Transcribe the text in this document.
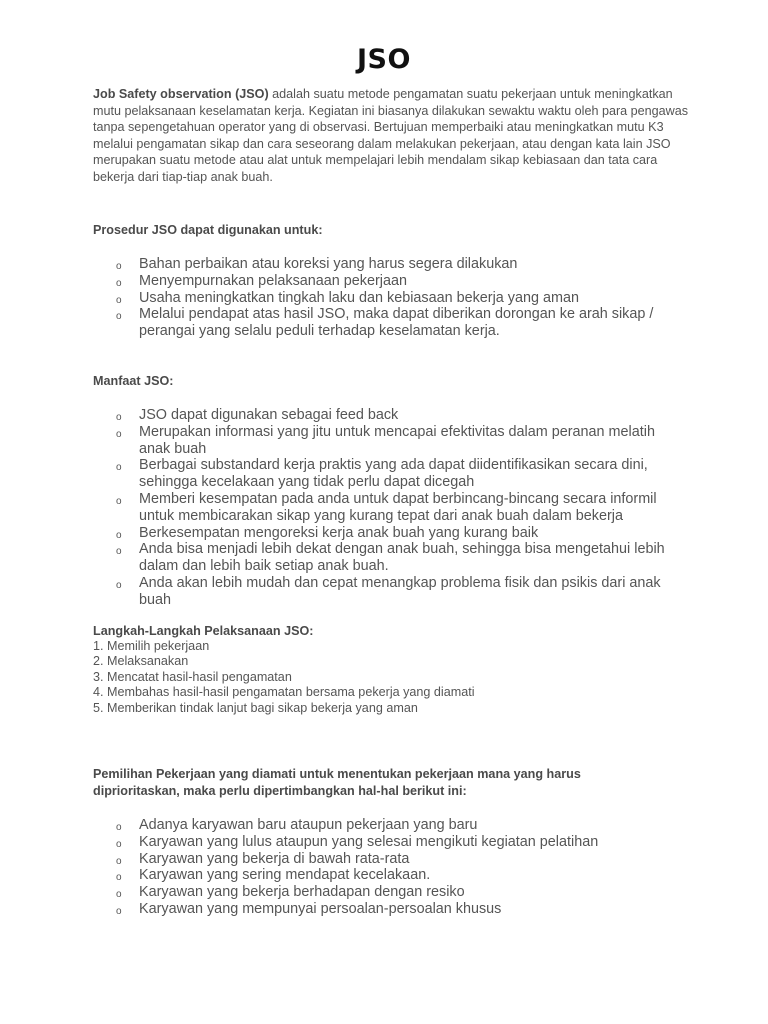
JSO
Job Safety observation (JSO) adalah suatu metode pengamatan suatu pekerjaan untuk meningkatkan mutu pelaksanaan keselamatan kerja. Kegiatan ini biasanya dilakukan sewaktu waktu oleh para pengawas tanpa sepengetahuan operator yang di observasi. Bertujuan memperbaiki atau meningkatkan mutu K3 melalui pengamatan sikap dan cara seseorang dalam melakukan pekerjaan, atau dengan kata lain JSO merupakan suatu metode atau alat untuk mempelajari lebih mendalam sikap kebiasaan dan tata cara bekerja dari tiap-tiap anak buah.
Prosedur JSO dapat digunakan untuk:
o Bahan perbaikan atau koreksi yang harus segera dilakukan
o Menyempurnakan pelaksanaan pekerjaan
o Usaha meningkatkan tingkah laku dan kebiasaan bekerja yang aman
o Melalui pendapat atas hasil JSO, maka dapat diberikan dorongan ke arah sikap / perangai yang selalu peduli terhadap keselamatan kerja.
Manfaat JSO:
o JSO dapat digunakan sebagai feed back
o Merupakan informasi yang jitu untuk mencapai efektivitas dalam peranan melatih anak buah
o Berbagai substandard kerja praktis yang ada dapat diidentifikasikan secara dini, sehingga kecelakaan yang tidak perlu dapat dicegah
o Memberi kesempatan pada anda untuk dapat berbincang-bincang secara informil untuk membicarakan sikap yang kurang tepat dari anak buah dalam bekerja
o Berkesempatan mengoreksi kerja anak buah yang kurang baik
o Anda bisa menjadi lebih dekat dengan anak buah, sehingga bisa mengetahui lebih dalam dan lebih baik setiap anak buah.
o Anda akan lebih mudah dan cepat menangkap problema fisik dan psikis dari anak buah
Langkah-Langkah Pelaksanaan JSO:
1. Memilih pekerjaan
2. Melaksanakan
3. Mencatat hasil-hasil pengamatan
4. Membahas hasil-hasil pengamatan bersama pekerja yang diamati
5. Memberikan tindak lanjut bagi sikap bekerja yang aman
Pemilihan Pekerjaan yang diamati untuk menentukan pekerjaan mana yang harus diprioritaskan, maka perlu dipertimbangkan hal-hal berikut ini:
o Adanya karyawan baru ataupun pekerjaan yang baru
o Karyawan yang lulus ataupun yang selesai mengikuti kegiatan pelatihan
o Karyawan yang bekerja di bawah rata-rata
o Karyawan yang sering mendapat kecelakaan.
o Karyawan yang bekerja berhadapan dengan resiko
o Karyawan yang mempunyai persoalan-persoalan khusus
